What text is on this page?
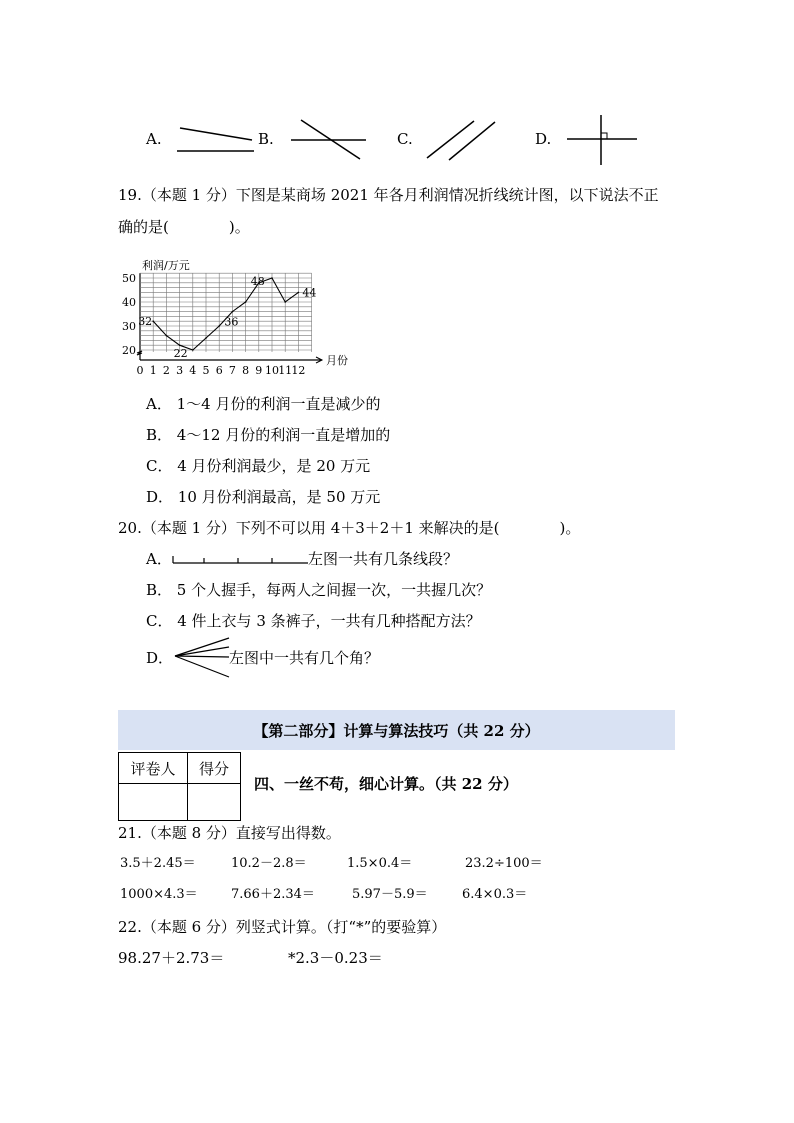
A.	B.	C.	D.
19.（本题 1 分）下图是某商场 2021 年各月利润情况折线统计图，以下说法不正
确的是(　　　　)。
20
30
40
50
0 1 2 3 4 5 6 7 8 9 10 11 12
利润/万元
月份
32
22
36
48
44
A． 1～4 月份的利润一直是减少的
B． 4～12 月份的利润一直是增加的
C． 4 月份利润最少，是 20 万元
D． 10 月份利润最高，是 50 万元
20.（本题 1 分）下列不可以用 4＋3＋2＋1 来解决的是(　　　　)。
A．	左图一共有几条线段？
B． 5 个人握手，每两人之间握一次，一共握几次？
C． 4 件上衣与 3 条裤子，一共有几种搭配方法？
D．	左图中一共有几个角？
【第二部分】计算与算法技巧（共 22 分）
评卷人	得分

四、一丝不苟，细心计算。（共 22 分）
21.（本题 8 分）直接写出得数。
3.5＋2.45＝	10.2－2.8＝	1.5×0.4＝	23.2÷100＝
1000×4.3＝	7.66＋2.34＝	5.97－5.9＝	6.4×0.3＝
22.（本题 6 分）列竖式计算。（打“*”的要验算）
98.27＋2.73＝	*2.3－0.23＝
